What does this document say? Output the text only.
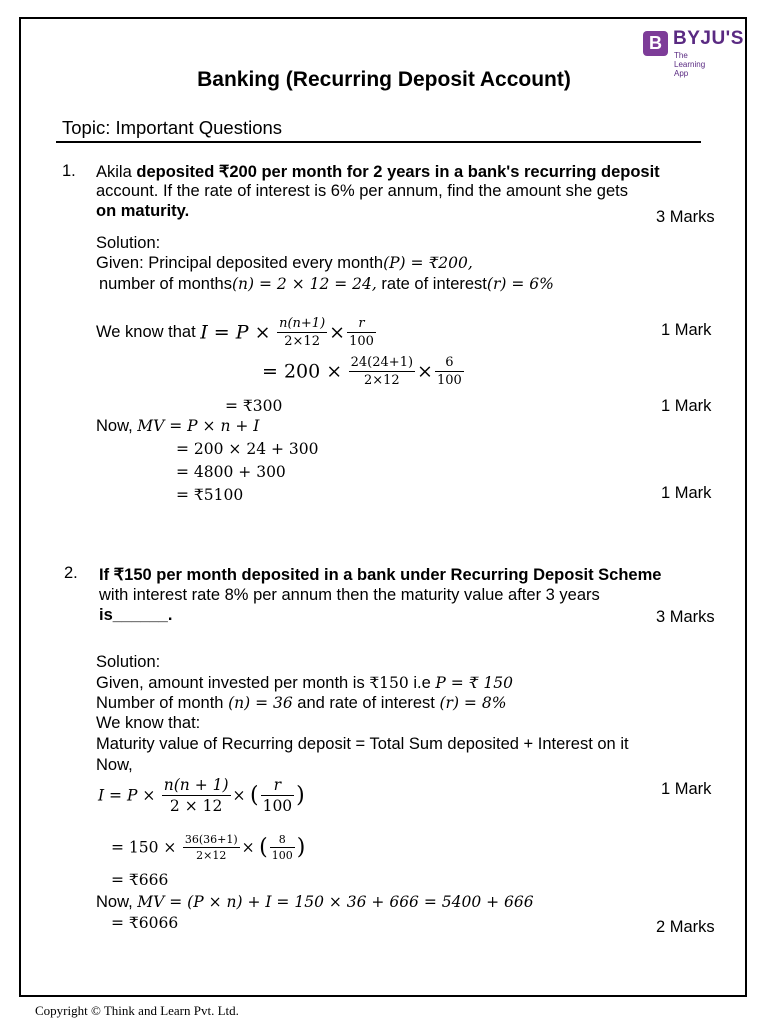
B BYJU'S
The Learning App
Banking (Recurring Deposit Account)
Topic: Important Questions
1. Akila deposited ₹200 per month for 2 years in a bank's recurring deposit
account. If the rate of interest is 6% per annum, find the amount she gets
on maturity.	3 Marks
Solution:
Given: Principal deposited every month(P) = ₹200,
number of months(n) = 2 × 12 = 24, rate of interest(r) = 6%
We know that $I = P \times \frac{n(n+1)}{2\times 12} \times \frac{r}{100}$	1 Mark
= $200 \times \frac{24(24+1)}{2\times 12} \times \frac{6}{100}$
= ₹300	1 Mark
Now, MV = P × n + I
= 200 × 24 + 300
= 4800 + 300
= ₹5100	1 Mark
2. If ₹150 per month deposited in a bank under Recurring Deposit Scheme
with interest rate 8% per annum then the maturity value after 3 years
is______.	3 Marks
Solution:
Given, amount invested per month is ₹150 i.e P = ₹ 150
Number of month (n) = 36 and rate of interest (r) = 8%
We know that:
Maturity value of Recurring deposit = Total Sum deposited + Interest on it
Now,
$I = P \times \frac{n(n + 1)}{2 \times 12}$ × ( $\frac{r}{100}$ )	1 Mark
= $150 \times \frac{36(36+1)}{2\times 12}$ × ( $\frac{8}{100}$ )
= ₹666
Now, MV = (P × n) + I = 150 × 36 + 666 = 5400 + 666
= ₹6066	2 Marks
Copyright © Think and Learn Pvt. Ltd.
